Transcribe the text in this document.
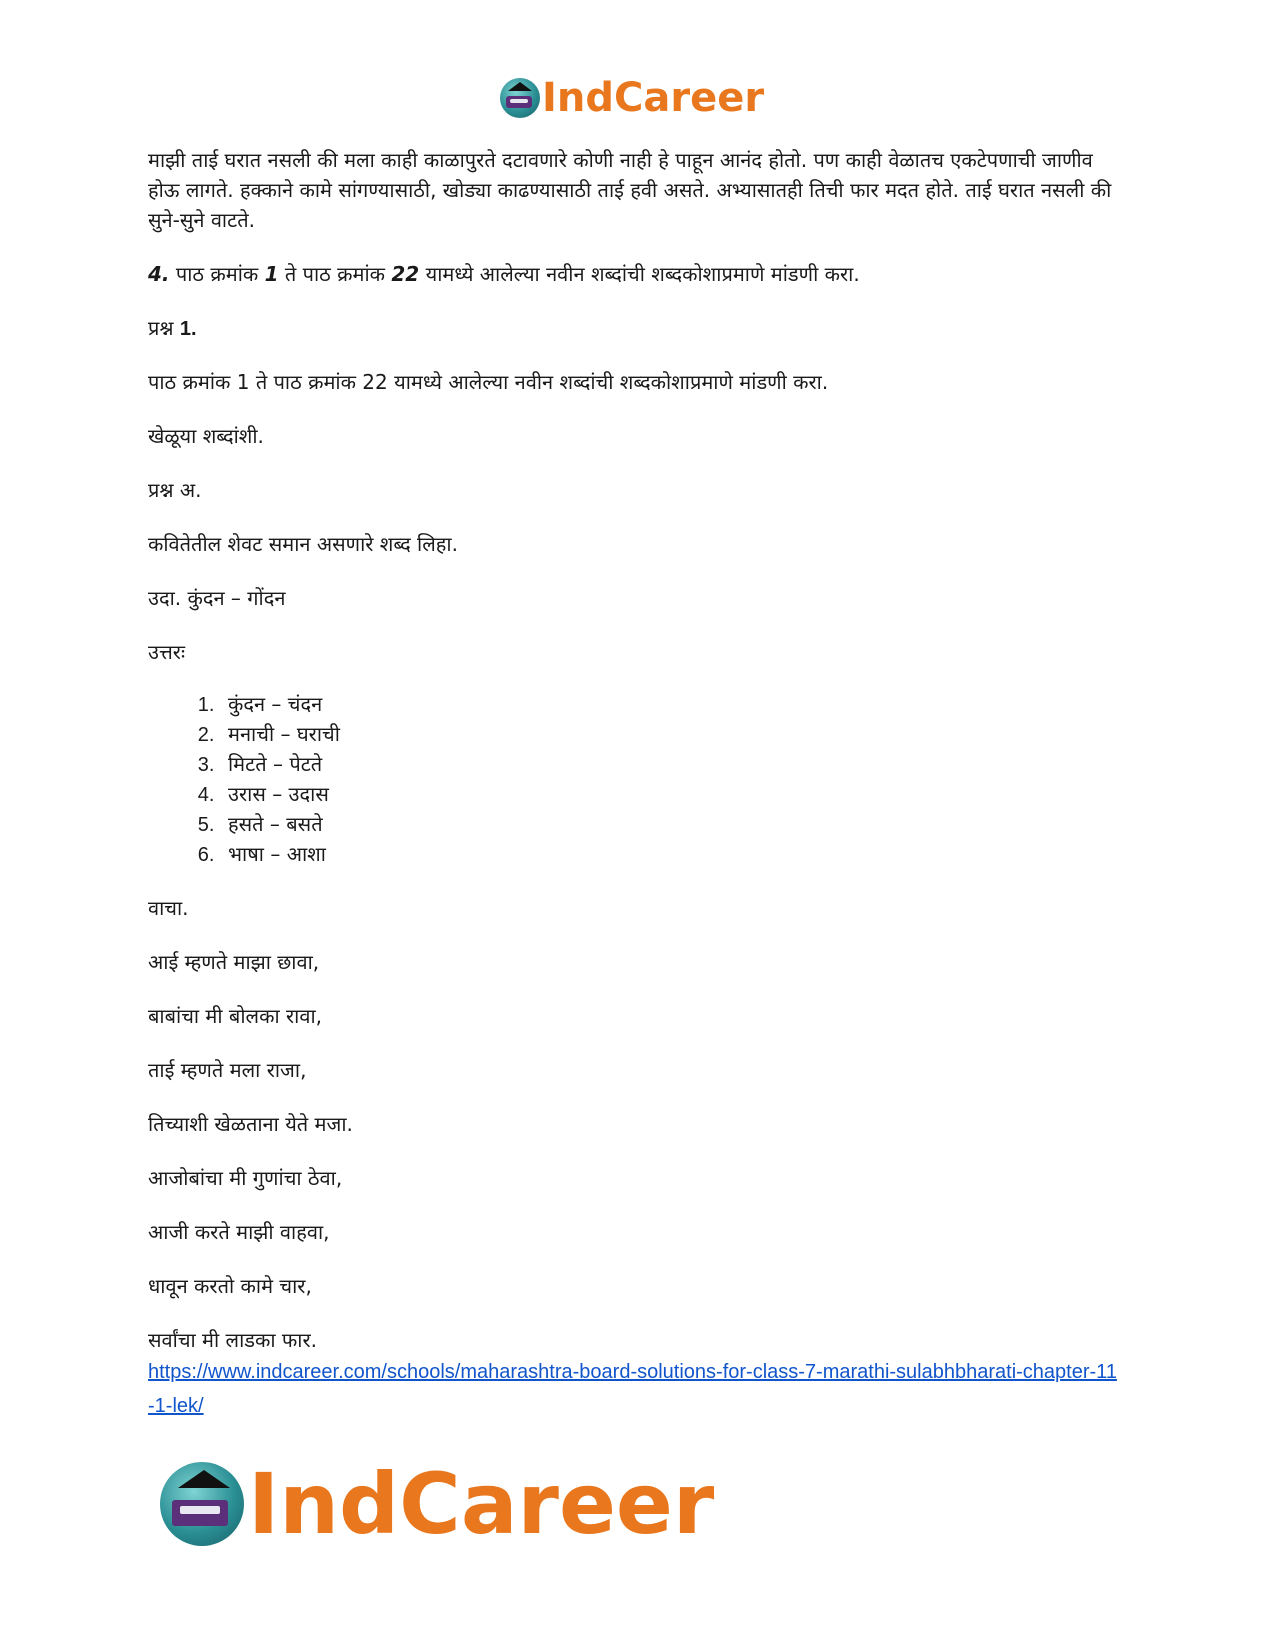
IndCareer

माझी ताई घरात नसली की मला काही काळापुरते दटावणारे कोणी नाही हे पाहून आनंद होतो. पण काही वेळातच एकटेपणाची जाणीव होऊ लागते. हक्काने कामे सांगण्यासाठी, खोड्या काढण्यासाठी ताई हवी असते. अभ्यासातही तिची फार मदत होते. ताई घरात नसली की सुने-सुने वाटते.

4. पाठ क्रमांक 1 ते पाठ क्रमांक 22 यामध्ये आलेल्या नवीन शब्दांची शब्दकोशाप्रमाणे मांडणी करा.

प्रश्न 1.

पाठ क्रमांक 1 ते पाठ क्रमांक 22 यामध्ये आलेल्या नवीन शब्दांची शब्दकोशाप्रमाणे मांडणी करा.

खेळूया शब्दांशी.

प्रश्न अ.

कवितेतील शेवट समान असणारे शब्द लिहा.

उदा. कुंदन – गोंदन

उत्तरः

1. कुंदन – चंदन
2. मनाची – घराची
3. मिटते – पेटते
4. उरास – उदास
5. हसते – बसते
6. भाषा – आशा

वाचा.

आई म्हणते माझा छावा,

बाबांचा मी बोलका रावा,

ताई म्हणते मला राजा,

तिच्याशी खेळताना येते मजा.

आजोबांचा मी गुणांचा ठेवा,

आजी करते माझी वाहवा,

धावून करतो कामे चार,

सर्वांचा मी लाडका फार.

https://www.indcareer.com/schools/maharashtra-board-solutions-for-class-7-marathi-sulabhbharati-chapter-11-1-lek/
IndCareer
